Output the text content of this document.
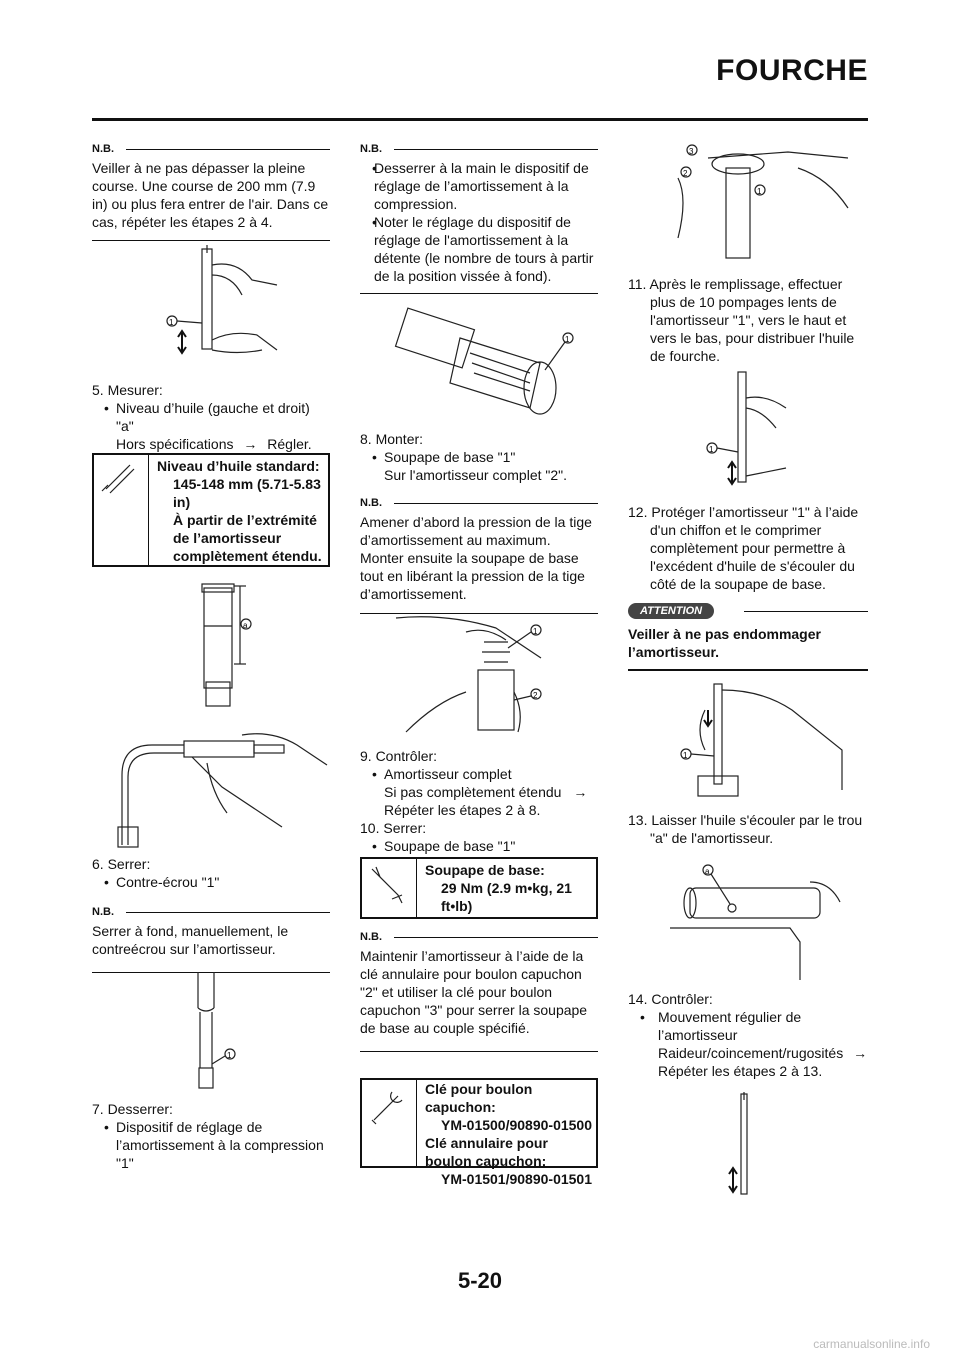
FOURCHE
N.B.

Veiller à ne pas dépasser la pleine course. Une course de 200 mm (7.9 in) ou plus fera entrer de l'air. Dans ce cas, répéter les étapes 2 à 4.

1

5. Mesurer:

• Niveau d’huile (gauche et droit) "a"

Hors spécifications → Régler.

Niveau d’huile standard:
145-148 mm (5.71-5.83 in)
À partir de l’extrémité de l’amortisseur complètement étendu.
a

6. Serrer:

• Contre-écrou "1"

N.B.

Serrer à fond, manuellement, le contreécrou sur l’amortisseur.

1

7. Desserrer:

• Dispositif de réglage de l’amortissement à la compression "1"

N.B.

• Desserrer à la main le dispositif de réglage de l’amortissement à la compression.

• Noter le réglage du dispositif de réglage de l'amortissement à la détente (le nombre de tours à partir de la position vissée à fond).

1

8. Monter:

• Soupape de base "1"

Sur l'amortisseur complet "2".

N.B.

Amener d’abord la pression de la tige d’amortissement au maximum. Monter ensuite la soupape de base tout en libérant la pression de la tige d’amortissement.

1
2

9. Contrôler:

• Amortisseur complet

Si pas complètement étendu →

Répéter les étapes 2 à 8.

10. Serrer:

• Soupape de base "1"

Soupape de base:
29 Nm (2.9 m•kg, 21 ft•lb)
N.B.

Maintenir l’amortisseur à l’aide de la clé annulaire pour boulon capuchon "2" et utiliser la clé pour boulon capuchon "3" pour serrer la soupape de base au couple spécifié.

Clé pour boulon capuchon:
YM-01500/90890-01500
Clé annulaire pour boulon capuchon:
YM-01501/90890-01501
3
2
1

11. Après le remplissage, effectuer plus de 10 pompages lents de l'amortisseur "1", vers le haut et vers le bas, pour distribuer l'huile de fourche.

1

12. Protéger l’amortisseur "1" à l’aide d'un chiffon et le comprimer complètement pour permettre à l'excédent d'huile de s'écouler du côté de la soupape de base.

ATTENTION

Veiller à ne pas endommager l’amortisseur.

1

13. Laisser l'huile s'écouler par le trou "a" de l'amortisseur.

a

14. Contrôler:

• Mouvement régulier de l’amortisseur

Raideur/coincement/rugosités →

Répéter les étapes 2 à 13.

5-20
carmanualsonline.info
